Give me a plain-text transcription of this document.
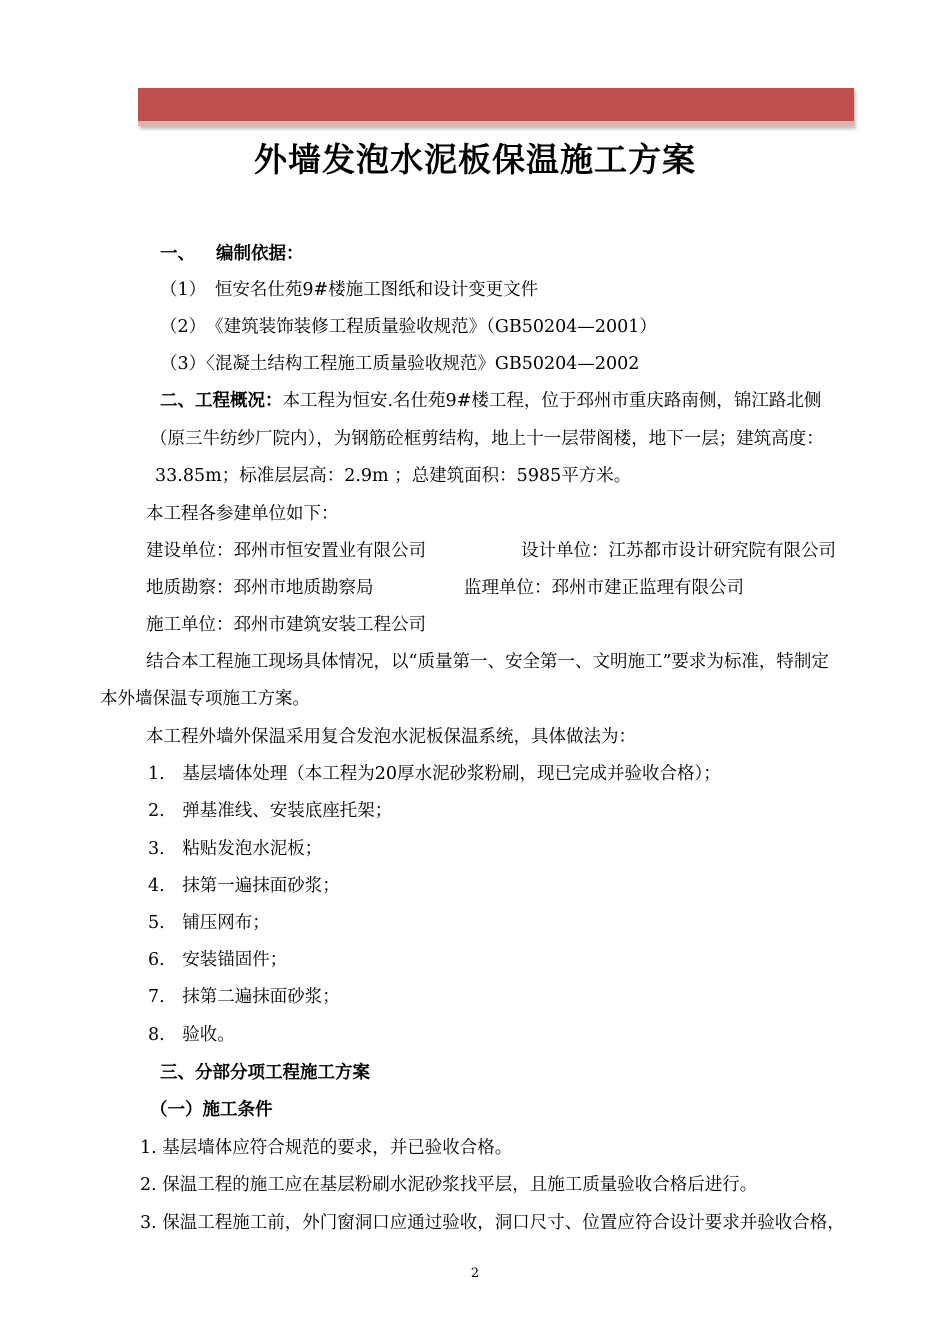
外墙发泡水泥板保温施工方案
一、 编制依据：
（1）　恒安名仕苑9#楼施工图纸和设计变更文件
（2）　《建筑装饰装修工程质量验收规范》（GB50204—2001）
（3）〈混凝土结构工程施工质量验收规范》GB50204—2002
二、工程概况：本工程为恒安.名仕苑9#楼工程，位于邳州市重庆路南侧，锦江路北侧
（原三牛纺纱厂院内），为钢筋砼框剪结构，地上十一层带阁楼，地下一层；建筑高度：
33.85m；标准层层高：2.9m ；总建筑面积：5985平方米。
本工程各参建单位如下：
建设单位：邳州市恒安置业有限公司	设计单位：江苏都市设计研究院有限公司
地质勘察：邳州市地质勘察局	监理单位：邳州市建正监理有限公司
施工单位：邳州市建筑安装工程公司
结合本工程施工现场具体情况，以“质量第一、安全第一、文明施工”要求为标准，特制定
本外墙保温专项施工方案。
本工程外墙外保温采用复合发泡水泥板保温系统，具体做法为：
1.　基层墙体处理（本工程为20厚水泥砂浆粉刷，现已完成并验收合格）；
2.　弹基准线、安装底座托架；
3.　粘贴发泡水泥板；
4.　抹第一遍抹面砂浆；
5.　铺压网布；
6.　安装锚固件；
7.　抹第二遍抹面砂浆；
8.　验收。
三、分部分项工程施工方案
（一）施工条件
1. 基层墙体应符合规范的要求，并已验收合格。
2. 保温工程的施工应在基层粉刷水泥砂浆找平层，且施工质量验收合格后进行。
3. 保温工程施工前，外门窗洞口应通过验收，洞口尺寸、位置应符合设计要求并验收合格，
2
